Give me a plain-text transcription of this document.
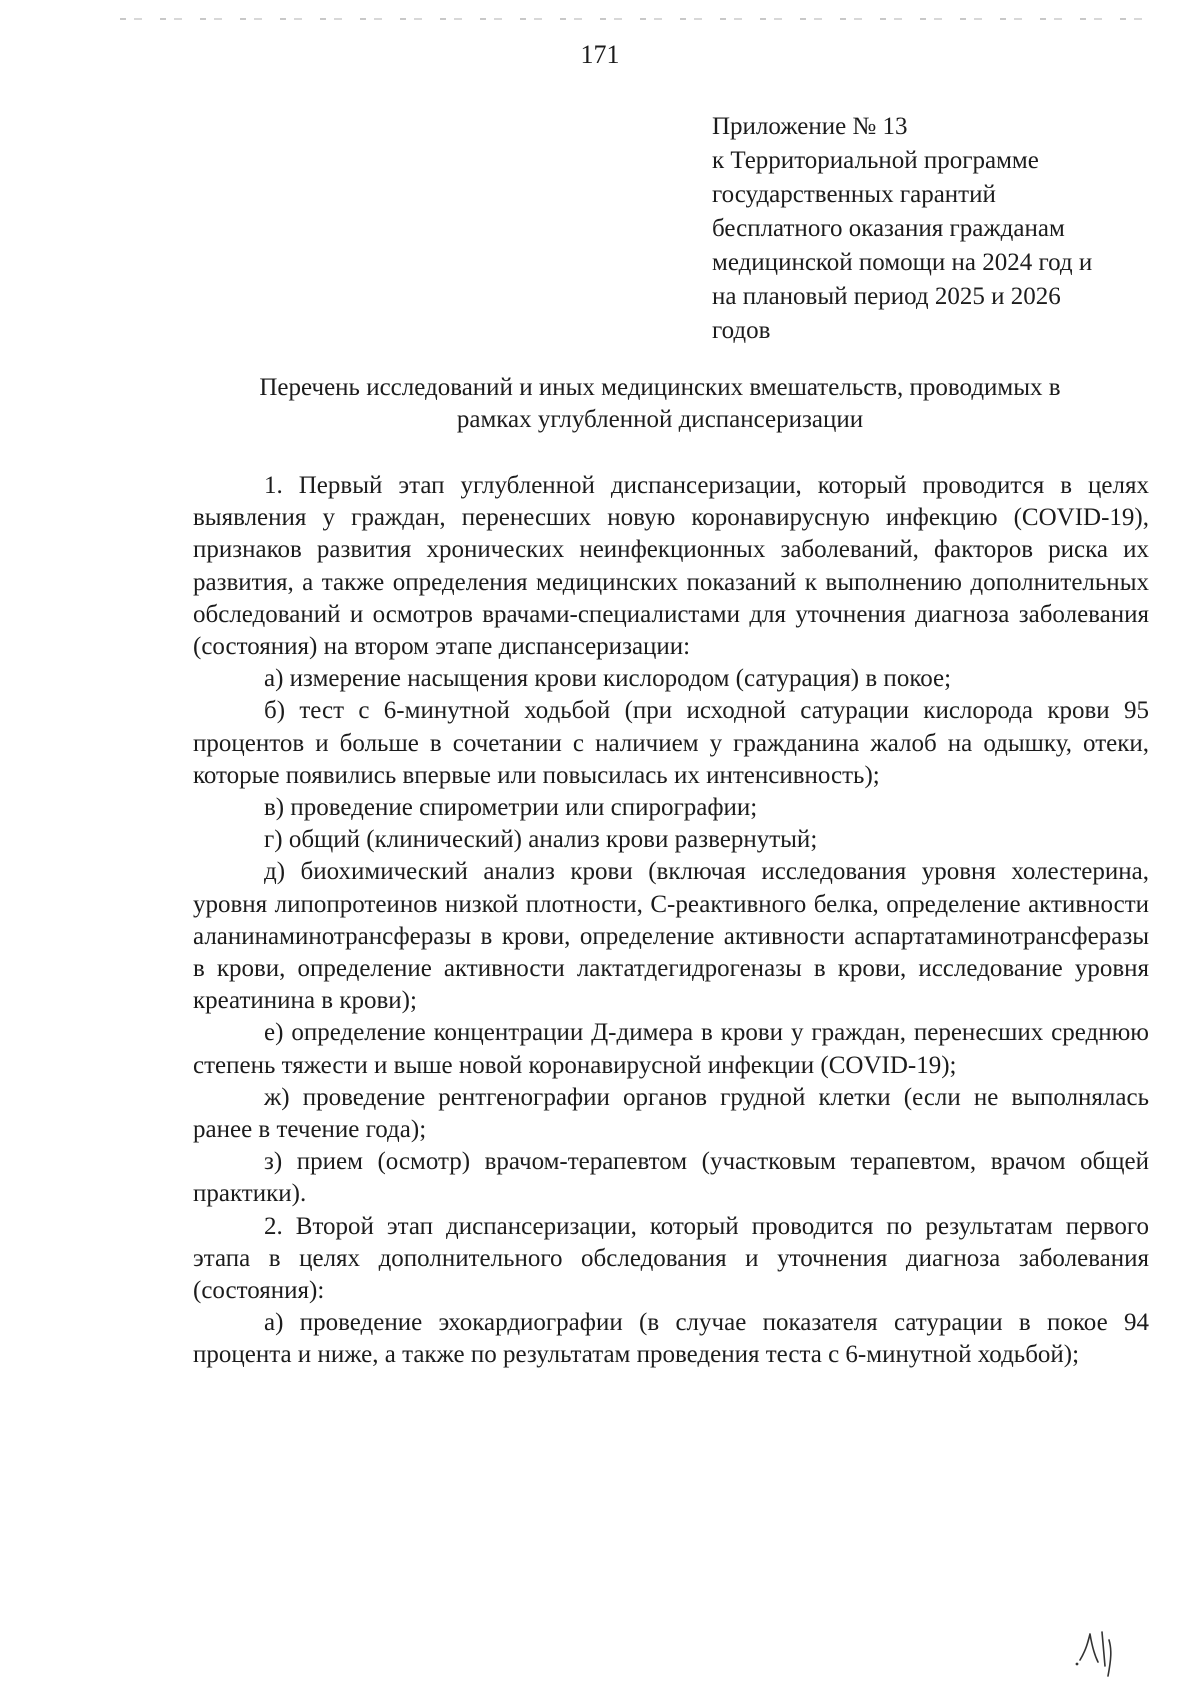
171
Приложение № 13
к Территориальной программе
государственных гарантий
бесплатного оказания гражданам
медицинской помощи на 2024 год и
на плановый период 2025 и 2026
годов
Перечень исследований и иных медицинских вмешательств, проводимых в
рамках углубленной диспансеризации

1. Первый этап углубленной диспансеризации, который проводится в целях выявления у граждан, перенесших новую коронавирусную инфекцию (COVID-19), признаков развития хронических неинфекционных заболеваний, факторов риска их развития, а также определения медицинских показаний к выполнению дополнительных обследований и осмотров врачами-специалистами для уточнения диагноза заболевания (состояния) на втором этапе диспансеризации:

а) измерение насыщения крови кислородом (сатурация) в покое;

б) тест с 6-минутной ходьбой (при исходной сатурации кислорода крови 95 процентов и больше в сочетании с наличием у гражданина жалоб на одышку, отеки, которые появились впервые или повысилась их интенсивность);

в) проведение спирометрии или спирографии;

г) общий (клинический) анализ крови развернутый;

д) биохимический анализ крови (включая исследования уровня холестерина, уровня липопротеинов низкой плотности, С-реактивного белка, определение активности аланинаминотрансферазы в крови, определение активности аспартатаминотрансферазы в крови, определение активности лактатдегидрогеназы в крови, исследование уровня креатинина в крови);

е) определение концентрации Д-димера в крови у граждан, перенесших среднюю степень тяжести и выше новой коронавирусной инфекции (COVID-19);

ж) проведение рентгенографии органов грудной клетки (если не выполнялась ранее в течение года);

з) прием (осмотр) врачом-терапевтом (участковым терапевтом, врачом общей практики).

2. Второй этап диспансеризации, который проводится по результатам первого этапа в целях дополнительного обследования и уточнения диагноза заболевания (состояния):

а) проведение эхокардиографии (в случае показателя сатурации в покое 94 процента и ниже, а также по результатам проведения теста с 6-минутной ходьбой);
